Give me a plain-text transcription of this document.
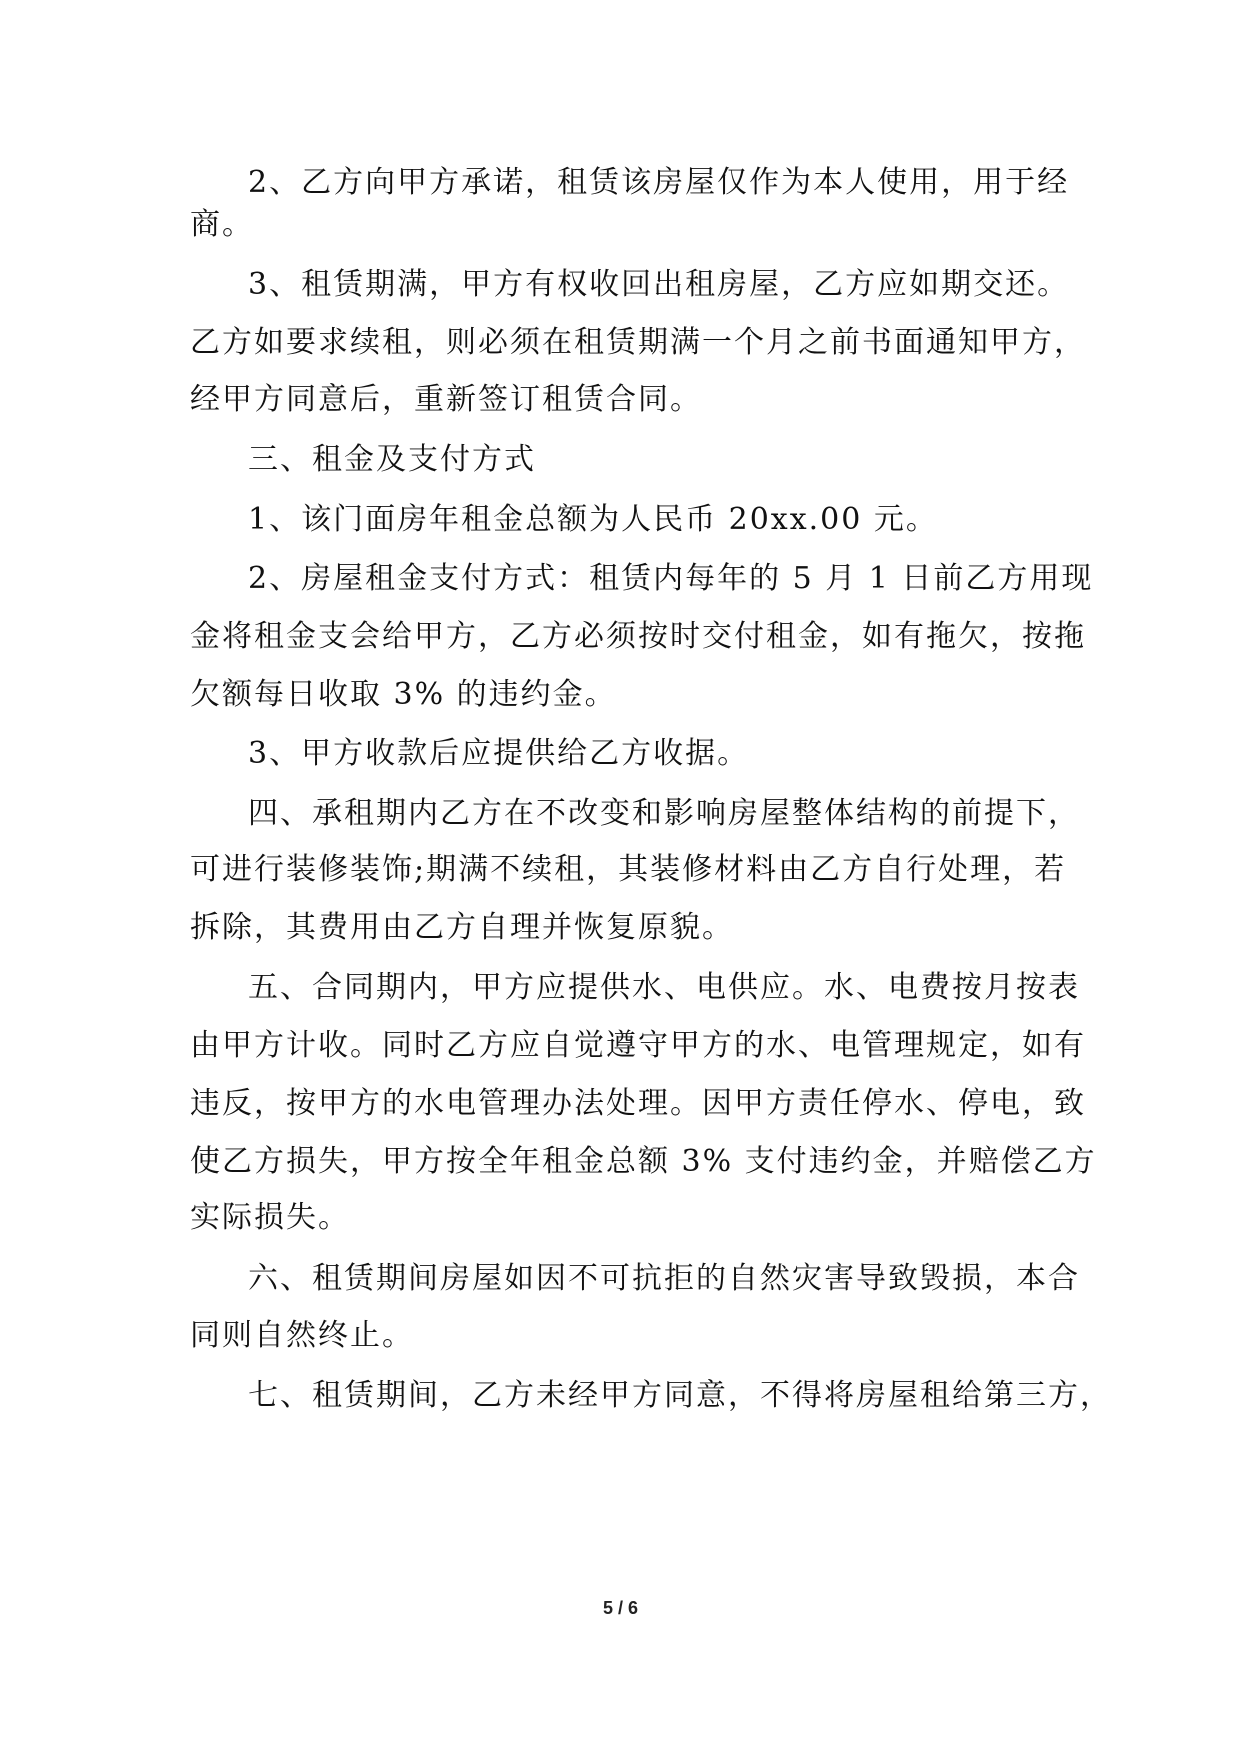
2、乙方向甲方承诺，租赁该房屋仅作为本人使用，用于经
商。
3、租赁期满，甲方有权收回出租房屋，乙方应如期交还。
乙方如要求续租，则必须在租赁期满一个月之前书面通知甲方，
经甲方同意后，重新签订租赁合同。
三、租金及支付方式
1、该门面房年租金总额为人民币 20xx.00 元。
2、房屋租金支付方式：租赁内每年的 5 月 1 日前乙方用现
金将租金支会给甲方，乙方必须按时交付租金，如有拖欠，按拖
欠额每日收取 3% 的违约金。
3、甲方收款后应提供给乙方收据。
四、承租期内乙方在不改变和影响房屋整体结构的前提下，
可进行装修装饰;期满不续租，其装修材料由乙方自行处理，若
拆除，其费用由乙方自理并恢复原貌。
五、合同期内，甲方应提供水、电供应。水、电费按月按表
由甲方计收。同时乙方应自觉遵守甲方的水、电管理规定，如有
违反，按甲方的水电管理办法处理。因甲方责任停水、停电，致
使乙方损失，甲方按全年租金总额 3% 支付违约金，并赔偿乙方
实际损失。
六、租赁期间房屋如因不可抗拒的自然灾害导致毁损，本合
同则自然终止。
七、租赁期间，乙方未经甲方同意，不得将房屋租给第三方，
5 / 6
